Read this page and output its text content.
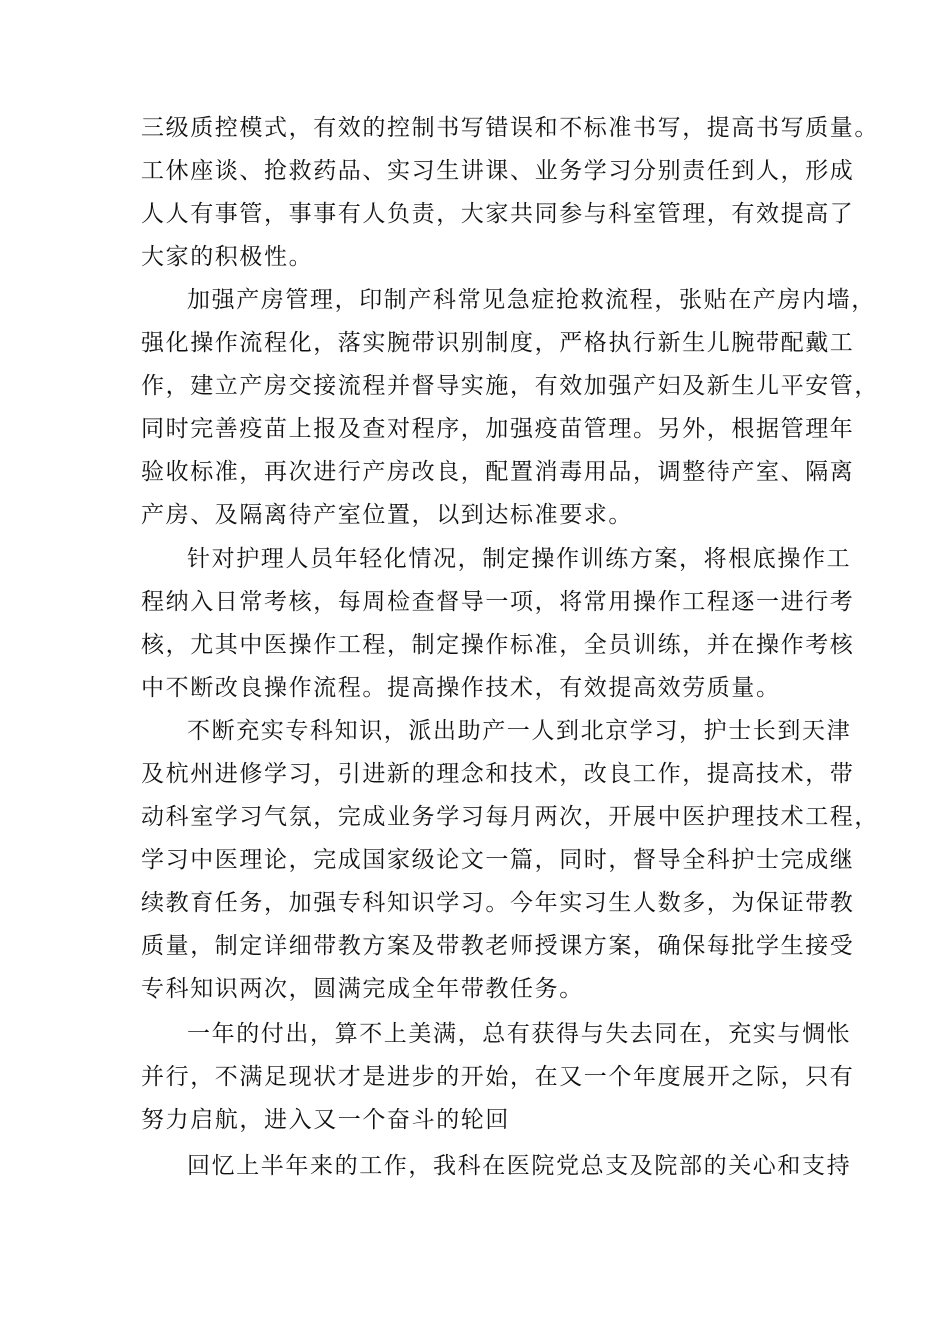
三级质控模式，有效的控制书写错误和不标准书写，提高书写质量。
工休座谈、抢救药品、实习生讲课、业务学习分别责任到人，形成
人人有事管，事事有人负责，大家共同参与科室管理，有效提高了
大家的积极性。
加强产房管理，印制产科常见急症抢救流程，张贴在产房内墙，
强化操作流程化，落实腕带识别制度，严格执行新生儿腕带配戴工
作，建立产房交接流程并督导实施，有效加强产妇及新生儿平安管，
同时完善疫苗上报及查对程序，加强疫苗管理。另外，根据管理年
验收标准，再次进行产房改良，配置消毒用品，调整待产室、隔离
产房、及隔离待产室位置，以到达标准要求。
针对护理人员年轻化情况，制定操作训练方案，将根底操作工
程纳入日常考核，每周检查督导一项，将常用操作工程逐一进行考
核，尤其中医操作工程，制定操作标准，全员训练，并在操作考核
中不断改良操作流程。提高操作技术，有效提高效劳质量。
不断充实专科知识，派出助产一人到北京学习，护士长到天津
及杭州进修学习，引进新的理念和技术，改良工作，提高技术，带
动科室学习气氛，完成业务学习每月两次，开展中医护理技术工程，
学习中医理论，完成国家级论文一篇，同时，督导全科护士完成继
续教育任务，加强专科知识学习。今年实习生人数多，为保证带教
质量，制定详细带教方案及带教老师授课方案，确保每批学生接受
专科知识两次，圆满完成全年带教任务。
一年的付出，算不上美满，总有获得与失去同在，充实与惆怅
并行，不满足现状才是进步的开始，在又一个年度展开之际，只有
努力启航，进入又一个奋斗的轮回
回忆上半年来的工作，我科在医院党总支及院部的关心和支持
